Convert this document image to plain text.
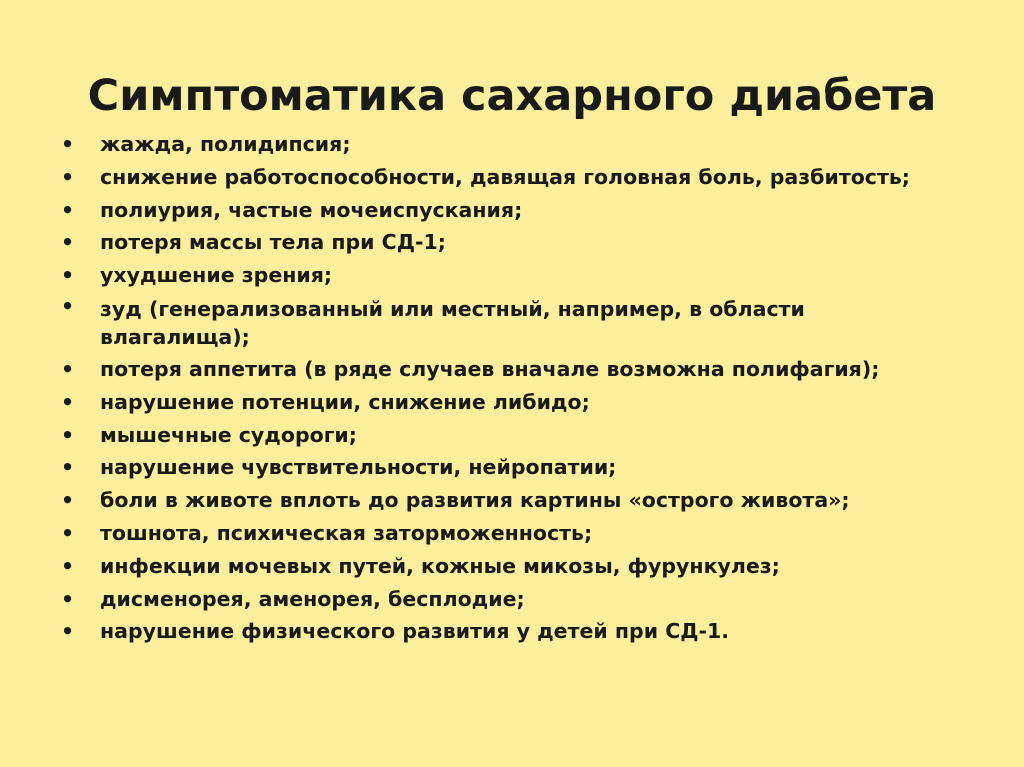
Симптоматика сахарного диабета
• жажда, полидипсия;
• снижение работоспособности, давящая головная боль, разбитость;
• полиурия, частые мочеиспускания;
• потеря массы тела при СД-1;
• ухудшение зрения;
• зуд (генерализованный или местный, например, в области влагалища);
• потеря аппетита (в ряде случаев вначале возможна полифагия);
• нарушение потенции, снижение либидо;
• мышечные судороги;
• нарушение чувствительности, нейропатии;
• боли в животе вплоть до развития картины «острого живота»;
• тошнота, психическая заторможенность;
• инфекции мочевых путей, кожные микозы, фурункулез;
• дисменорея, аменорея, бесплодие;
• нарушение физического развития у детей при СД-1.
